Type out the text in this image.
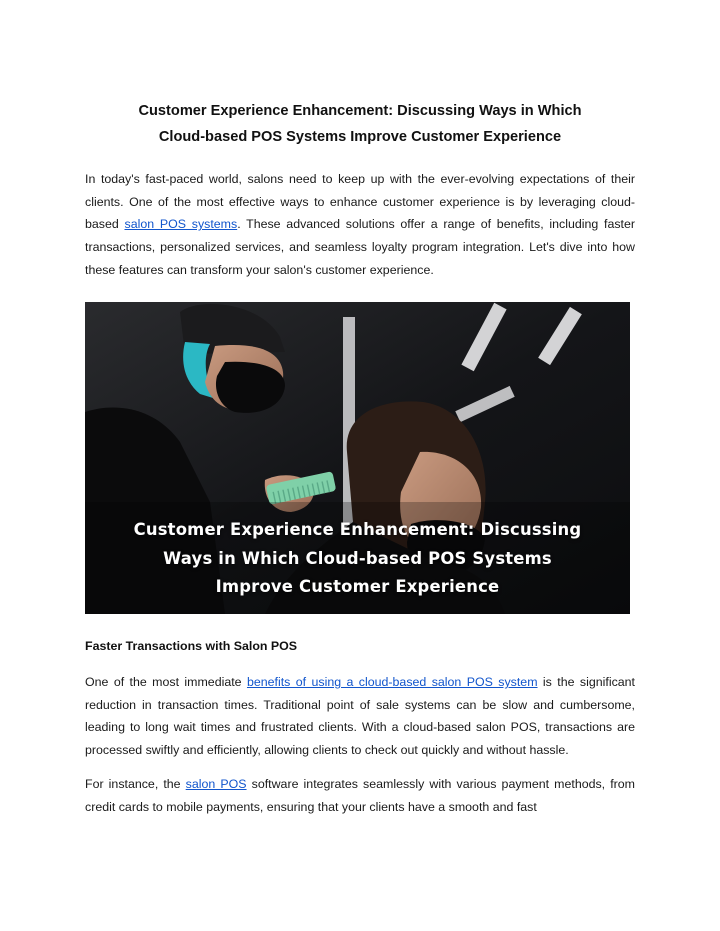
Customer Experience Enhancement: Discussing Ways in Which
Cloud-based POS Systems Improve Customer Experience

In today's fast-paced world, salons need to keep up with the ever-evolving expectations of their clients. One of the most effective ways to enhance customer experience is by leveraging cloud-based salon POS systems. These advanced solutions offer a range of benefits, including faster transactions, personalized services, and seamless loyalty program integration. Let's dive into how these features can transform your salon's customer experience.

Customer Experience Enhancement: Discussing
Ways in Which Cloud-based POS Systems
Improve Customer Experience
Faster Transactions with Salon POS

One of the most immediate benefits of using a cloud-based salon POS system is the significant reduction in transaction times. Traditional point of sale systems can be slow and cumbersome, leading to long wait times and frustrated clients. With a cloud-based salon POS, transactions are processed swiftly and efficiently, allowing clients to check out quickly and without hassle.

For instance, the salon POS software integrates seamlessly with various payment methods, from credit cards to mobile payments, ensuring that your clients have a smooth and fast
